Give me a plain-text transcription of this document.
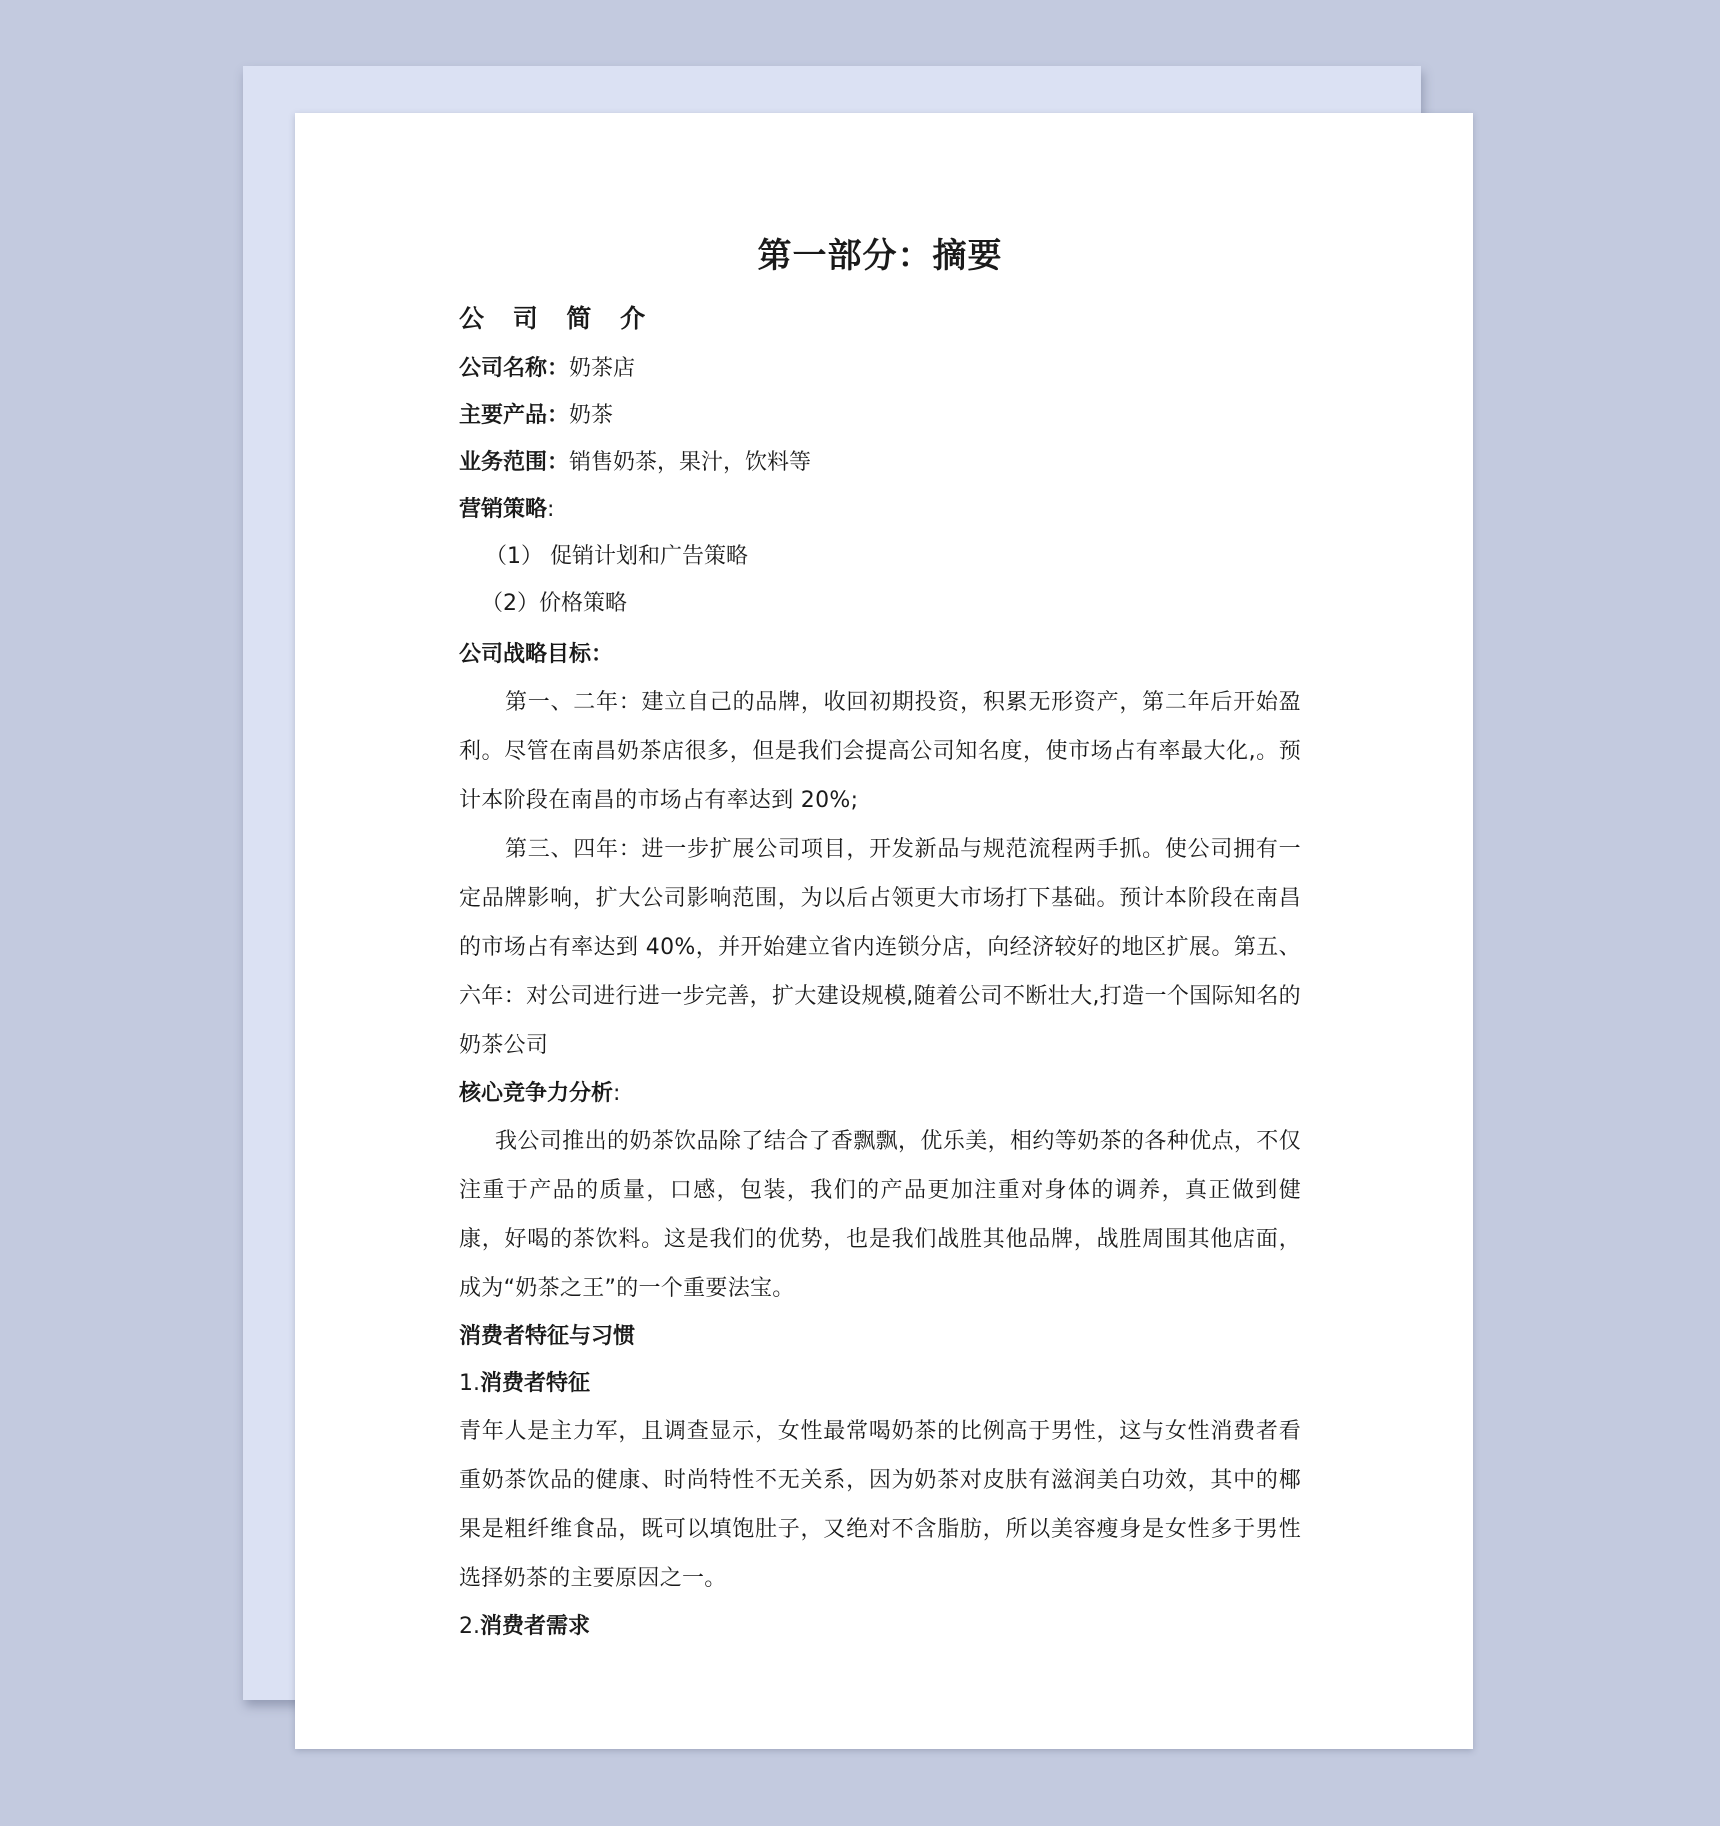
第一部分：摘要
公 司 简 介

公司名称：奶茶店

主要产品：奶茶

业务范围：销售奶茶，果汁，饮料等

营销策略:

（1） 促销计划和广告策略

（2）价格策略

公司战略目标：

第一、二年：建立自己的品牌，收回初期投资，积累无形资产，第二年后开始盈利。尽管在南昌奶茶店很多，但是我们会提高公司知名度，使市场占有率最大化,。预计本阶段在南昌的市场占有率达到 20%;

第三、四年：进一步扩展公司项目，开发新品与规范流程两手抓。使公司拥有一定品牌影响，扩大公司影响范围，为以后占领更大市场打下基础。预计本阶段在南昌的市场占有率达到 40%，并开始建立省内连锁分店，向经济较好的地区扩展。第五、六年：对公司进行进一步完善，扩大建设规模,随着公司不断壮大,打造一个国际知名的奶茶公司

核心竞争力分析:

我公司推出的奶茶饮品除了结合了香飘飘，优乐美，相约等奶茶的各种优点，不仅注重于产品的质量，口感，包装，我们的产品更加注重对身体的调养，真正做到健康，好喝的茶饮料。这是我们的优势，也是我们战胜其他品牌，战胜周围其他店面，成为“奶茶之王”的一个重要法宝。

消费者特征与习惯

1.消费者特征

青年人是主力军，且调查显示，女性最常喝奶茶的比例高于男性，这与女性消费者看重奶茶饮品的健康、时尚特性不无关系，因为奶茶对皮肤有滋润美白功效，其中的椰果是粗纤维食品，既可以填饱肚子，又绝对不含脂肪，所以美容瘦身是女性多于男性选择奶茶的主要原因之一。

2.消费者需求
